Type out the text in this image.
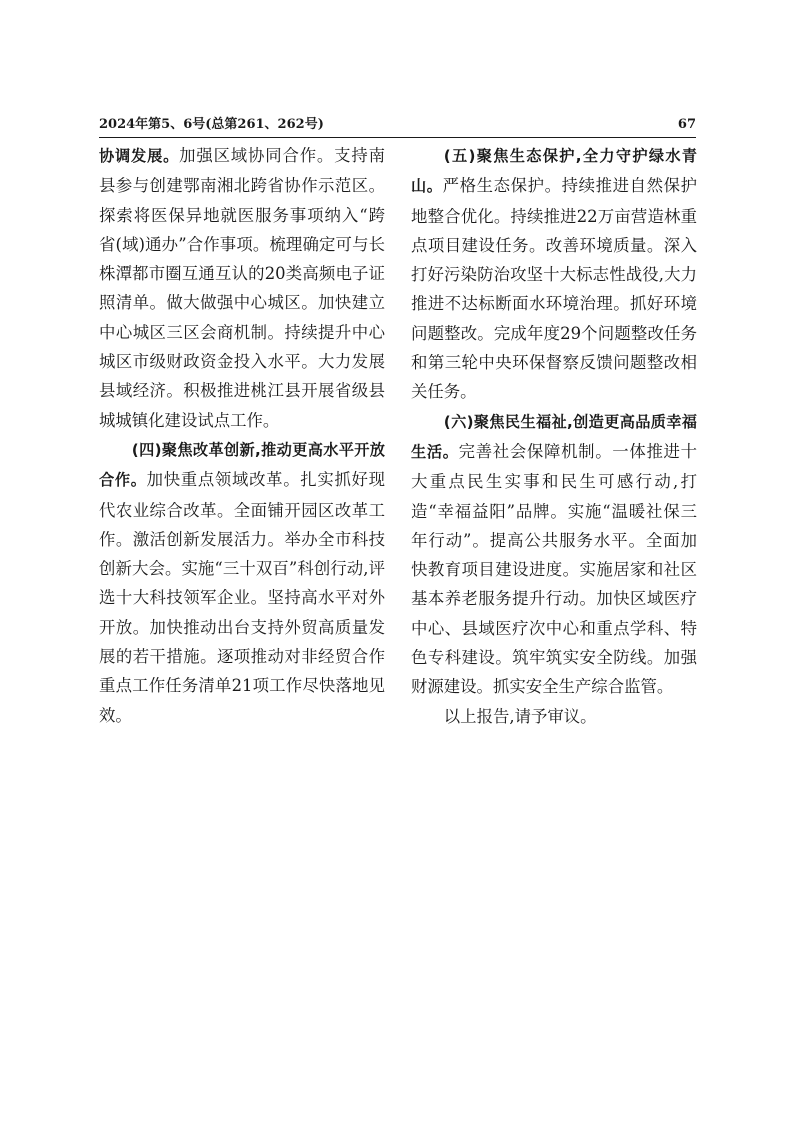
2024年第5、6号(总第261、262号)	67

协调发展。加强区域协同合作。支持南县参与创建鄂南湘北跨省协作示范区。探索将医保异地就医服务事项纳入“跨省(域)通办”合作事项。梳理确定可与长株潭都市圈互通互认的20类高频电子证照清单。做大做强中心城区。加快建立中心城区三区会商机制。持续提升中心城区市级财政资金投入水平。大力发展县域经济。积极推进桃江县开展省级县城城镇化建设试点工作。

(四)聚焦改革创新,推动更高水平开放合作。加快重点领域改革。扎实抓好现代农业综合改革。全面铺开园区改革工作。激活创新发展活力。举办全市科技创新大会。实施“三十双百”科创行动,评选十大科技领军企业。坚持高水平对外开放。加快推动出台支持外贸高质量发展的若干措施。逐项推动对非经贸合作重点工作任务清单21项工作尽快落地见效。

(五)聚焦生态保护,全力守护绿水青山。严格生态保护。持续推进自然保护地整合优化。持续推进22万亩营造林重点项目建设任务。改善环境质量。深入打好污染防治攻坚十大标志性战役,大力推进不达标断面水环境治理。抓好环境问题整改。完成年度29个问题整改任务和第三轮中央环保督察反馈问题整改相关任务。

(六)聚焦民生福祉,创造更高品质幸福生活。完善社会保障机制。一体推进十大重点民生实事和民生可感行动,打造“幸福益阳”品牌。实施“温暖社保三年行动”。提高公共服务水平。全面加快教育项目建设进度。实施居家和社区基本养老服务提升行动。加快区域医疗中心、县域医疗次中心和重点学科、特色专科建设。筑牢筑实安全防线。加强财源建设。抓实安全生产综合监管。

以上报告,请予审议。
